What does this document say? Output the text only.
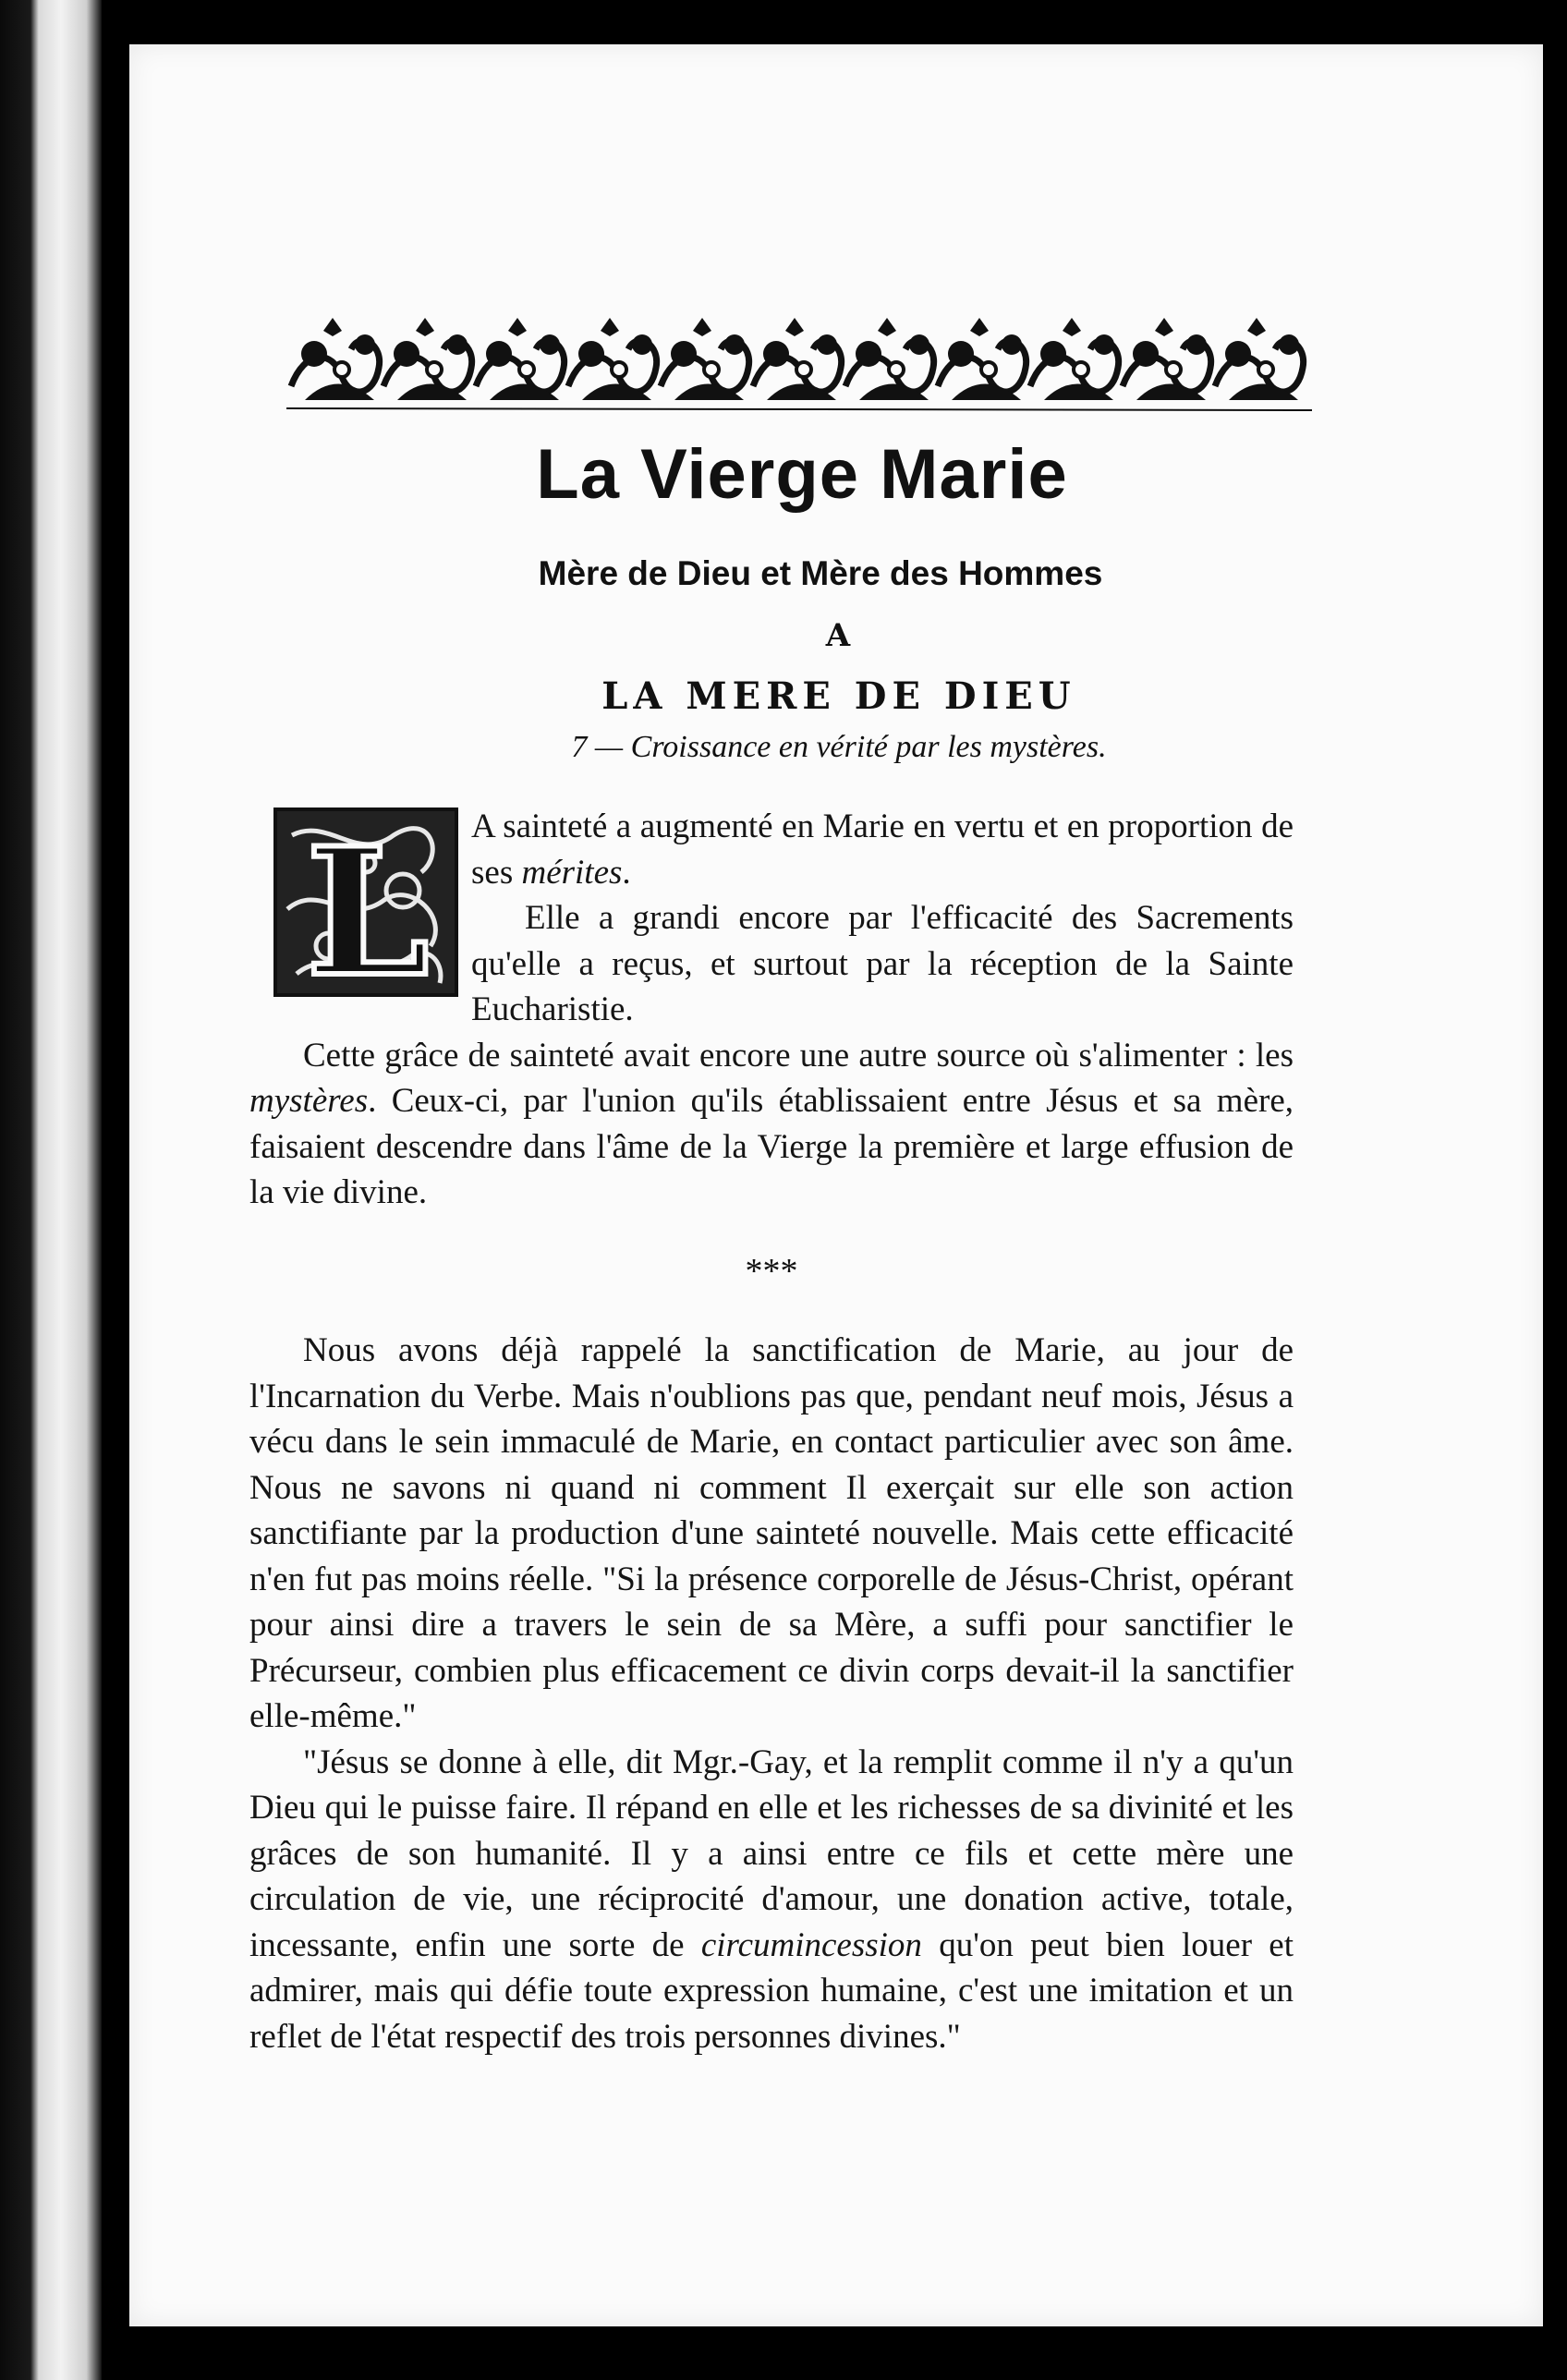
La Vierge Marie
Mère de Dieu et Mère des Hommes
A
LA MERE DE DIEU
7 — Croissance en vérité par les mystères.
L	A sainteté a augmenté en Marie en vertu et en proportion de ses mérites.

Elle a grandi encore par l'efficacité des Sacrements qu'elle a reçus, et surtout par la réception de la Sainte Eucharistie.

Cette grâce de sainteté avait encore une autre source où s'alimenter : les mystères. Ceux-ci, par l'union qu'ils établissaient entre Jésus et sa mère, faisaient descendre dans l'âme de la Vierge la première et large effusion de la vie divine.

***

Nous avons déjà rappelé la sanctification de Marie, au jour de l'Incarnation du Verbe. Mais n'oublions pas que, pendant neuf mois, Jésus a vécu dans le sein immaculé de Marie, en contact particulier avec son âme. Nous ne savons ni quand ni comment Il exerçait sur elle son action sanctifiante par la production d'une sainteté nouvelle. Mais cette efficacité n'en fut pas moins réelle. "Si la présence corporelle de Jésus-Christ, opérant pour ainsi dire a travers le sein de sa Mère, a suffi pour sanctifier le Précurseur, combien plus efficacement ce divin corps devait-il la sanctifier elle-même."

"Jésus se donne à elle, dit Mgr.-Gay, et la remplit comme il n'y a qu'un Dieu qui le puisse faire. Il répand en elle et les richesses de sa divinité et les grâces de son humanité. Il y a ainsi entre ce fils et cette mère une circulation de vie, une réciprocité d'amour, une donation active, totale, incessante, enfin une sorte de circumincession qu'on peut bien louer et admirer, mais qui défie toute expression humaine, c'est une imitation et un reflet de l'état respectif des trois personnes divines."
